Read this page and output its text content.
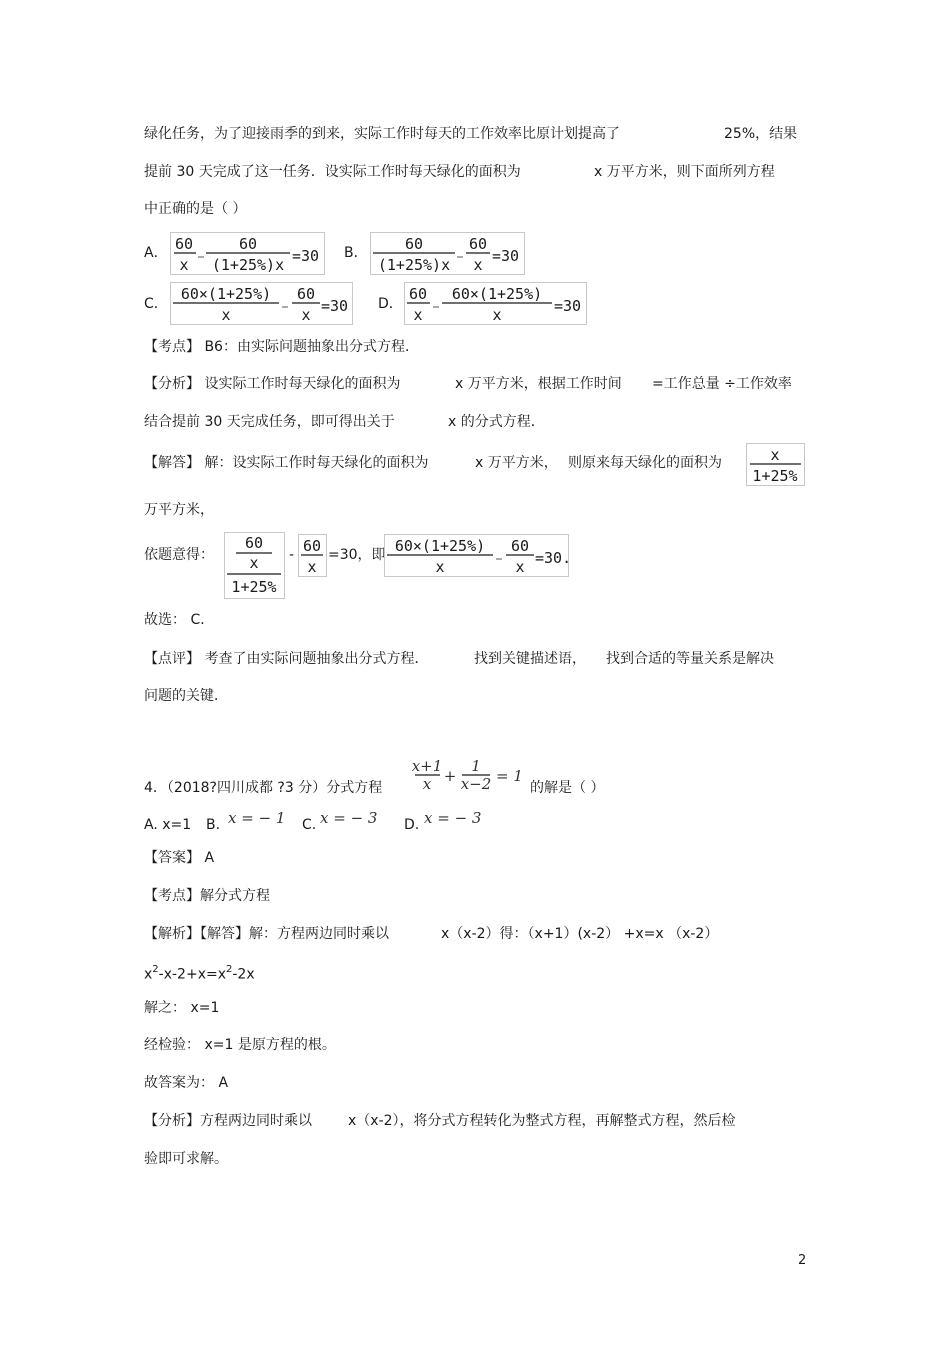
绿化任务，为了迎接雨季的到来，实际工作时每天的工作效率比原计划提高了	25%，结果
提前 30 天完成了这一任务．设实际工作时每天绿化的面积为	x 万平方米，则下面所列方程
中正确的是（ ）
A． 60
x
60
(1+25%)x =30 B． 60
(1+25%)x
60
x =30
C．
60×(1+25%)
x
60
x =30 D．
60
x
60×(1+25%)
x	=30
【考点】 B6：由实际问题抽象出分式方程．
【分析】 设实际工作时每天绿化的面积为	x 万平方米，根据工作时间 =工作总量 ÷工作效率
结合提前 30 天完成任务，即可得出关于	x 的分式方程．
【解答】 解：设实际工作时每天绿化的面积为	x 万平方米， 则原来每天绿化的面积为	x
1+25%
万平方米，
依题意得：
60
x
1+25%
- 60
x
=30，即 60×(1+25%)
x
60
x =30.
故选： C．
【点评】 考查了由实际问题抽象出分式方程．	找到关键描述语， 找到合适的等量关系是解决
问题的关键．
4．（2018?四川成都 ?3 分）分式方程
x+1
x +
1
x−2 = 1
的解是（ ）
A. x=1 B. x = − 1 C. x = − 3 D. x = − 3
【答案】 A
【考点】解分式方程
【解析】【解答】解：方程两边同时乘以	x（x-2）得：（x+1）(x-2） +x=x （x-2）
$x^2-x-2+x=x^2-2x$
解之： x=1
经检验： x=1 是原方程的根。
故答案为： A
【分析】方程两边同时乘以	x（x-2），将分式方程转化为整式方程，再解整式方程，然后检
验即可求解。
2
